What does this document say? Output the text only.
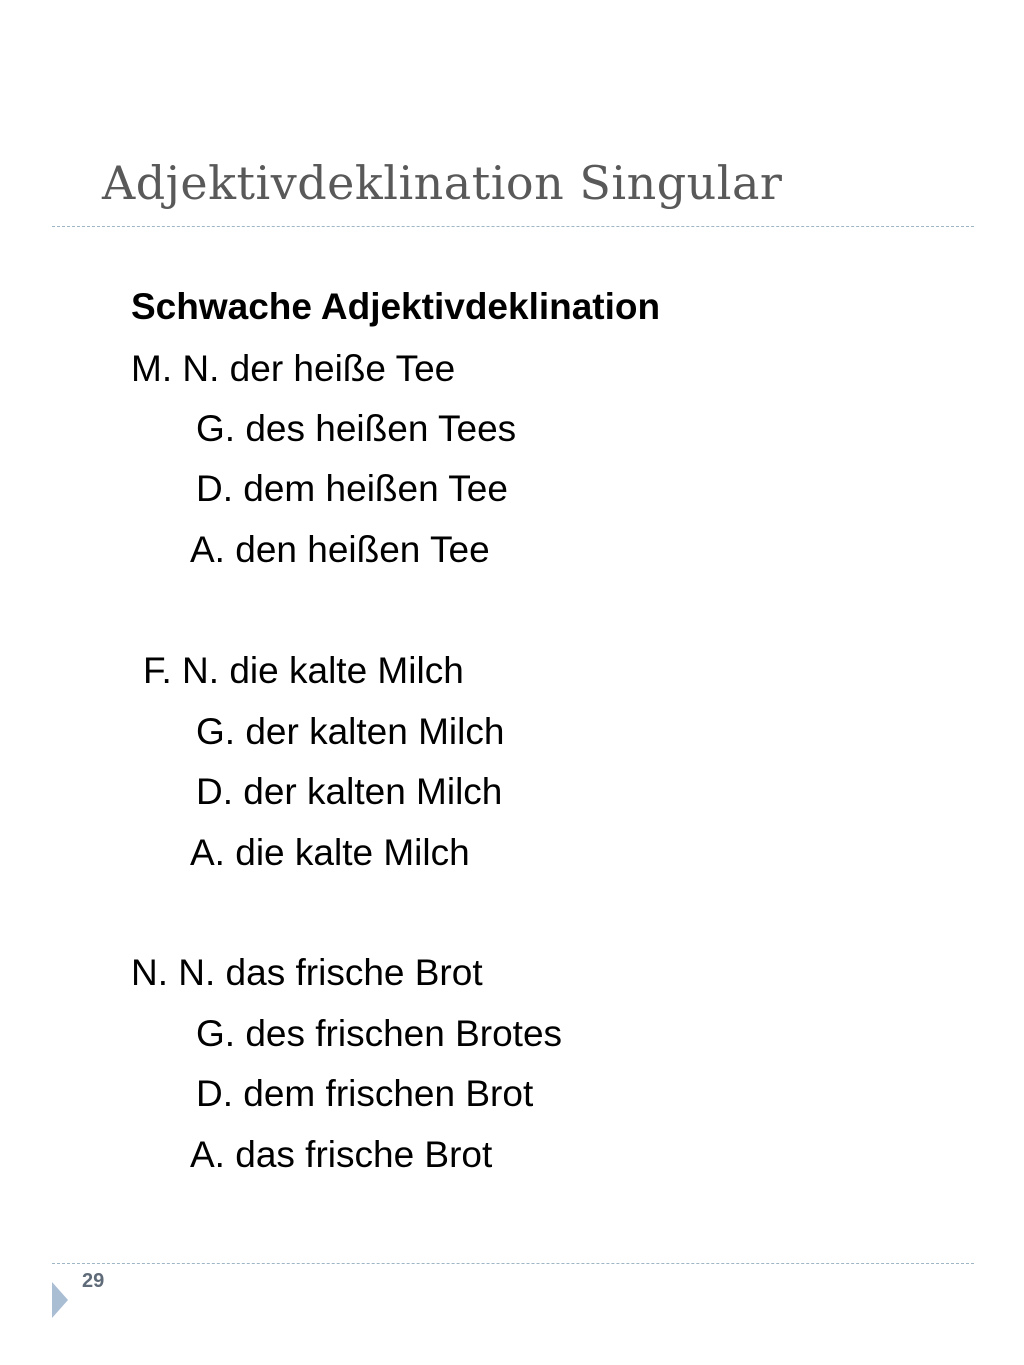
Adjektivdeklination Singular
Schwache Adjektivdeklination
M. N. der heiße Tee
G. des heißen Tees
D. dem heißen Tee
A. den heißen Tee
F. N. die kalte Milch
G. der kalten Milch
D. der kalten Milch
A. die kalte Milch
N. N. das frische Brot
G. des frischen Brotes
D. dem frischen Brot
A. das frische Brot
29
